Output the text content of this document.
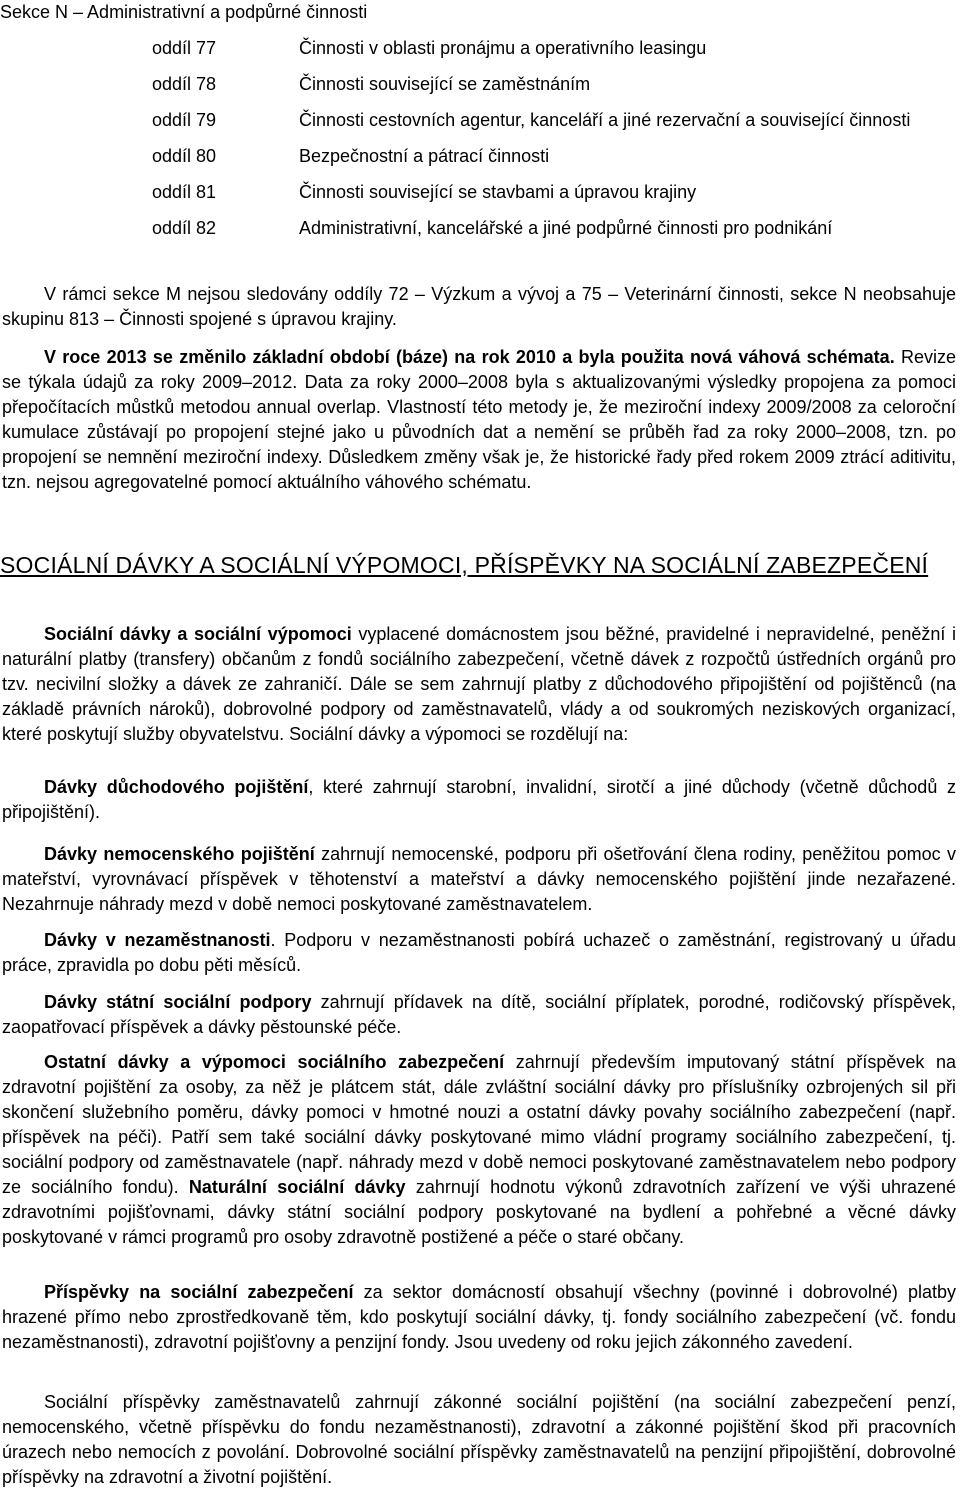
Sekce N – Administrativní a podpůrné činnosti
oddíl 77	Činnosti v oblasti pronájmu a operativního leasingu
oddíl 78	Činnosti související se zaměstnáním
oddíl 79	Činnosti cestovních agentur, kanceláří a jiné rezervační a související činnosti
oddíl 80	Bezpečnostní a pátrací činnosti
oddíl 81	Činnosti související se stavbami a úpravou krajiny
oddíl 82	Administrativní, kancelářské a jiné podpůrné činnosti pro podnikání

V rámci sekce M nejsou sledovány oddíly 72 – Výzkum a vývoj a 75 – Veterinární činnosti, sekce N neobsahuje skupinu 813 – Činnosti spojené s úpravou krajiny.

V roce 2013 se změnilo základní období (báze) na rok 2010 a byla použita nová váhová schémata. Revize se týkala údajů za roky 2009–2012. Data za roky 2000–2008 byla s aktualizovanými výsledky propojena za pomoci přepočítacích můstků metodou annual overlap. Vlastností této metody je, že meziroční indexy 2009/2008 za celoroční kumulace zůstávají po propojení stejné jako u původních dat a nemění se průběh řad za roky 2000–2008, tzn. po propojení se nemnění meziroční indexy. Důsledkem změny však je, že historické řady před rokem 2009 ztrácí aditivitu, tzn. nejsou agregovatelné pomocí aktuálního váhového schématu.

SOCIÁLNÍ DÁVKY A SOCIÁLNÍ VÝPOMOCI, PŘÍSPĚVKY NA SOCIÁLNÍ ZABEZPEČENÍ

Sociální dávky a sociální výpomoci vyplacené domácnostem jsou běžné, pravidelné i nepravidelné, peněžní i naturální platby (transfery) občanům z fondů sociálního zabezpečení, včetně dávek z rozpočtů ústředních orgánů pro tzv. necivilní složky a dávek ze zahraničí. Dále se sem zahrnují platby z důchodového připojištění od pojištěnců (na základě právních nároků), dobrovolné podpory od zaměstnavatelů, vlády a od soukromých neziskových organizací, které poskytují služby obyvatelstvu. Sociální dávky a výpomoci se rozdělují na:

Dávky důchodového pojištění, které zahrnují starobní, invalidní, sirotčí a jiné důchody (včetně důchodů z připojištění).

Dávky nemocenského pojištění zahrnují nemocenské, podporu při ošetřování člena rodiny, peněžitou pomoc v mateřství, vyrovnávací příspěvek v těhotenství a mateřství a dávky nemocenského pojištění jinde nezařazené. Nezahrnuje náhrady mezd v době nemoci poskytované zaměstnavatelem.

Dávky v nezaměstnanosti. Podporu v nezaměstnanosti pobírá uchazeč o zaměstnání, registrovaný u úřadu práce, zpravidla po dobu pěti měsíců.

Dávky státní sociální podpory zahrnují přídavek na dítě, sociální příplatek, porodné, rodičovský příspěvek, zaopatřovací příspěvek a dávky pěstounské péče.

Ostatní dávky a výpomoci sociálního zabezpečení zahrnují především imputovaný státní příspěvek na zdravotní pojištění za osoby, za něž je plátcem stát, dále zvláštní sociální dávky pro příslušníky ozbrojených sil při skončení služebního poměru, dávky pomoci v hmotné nouzi a ostatní dávky povahy sociálního zabezpečení (např. příspěvek na péči). Patří sem také sociální dávky poskytované mimo vládní programy sociálního zabezpečení, tj. sociální podpory od zaměstnavatele (např. náhrady mezd v době nemoci poskytované zaměstnavatelem nebo podpory ze sociálního fondu). Naturální sociální dávky zahrnují hodnotu výkonů zdravotních zařízení ve výši uhrazené zdravotními pojišťovnami, dávky státní sociální podpory poskytované na bydlení a pohřebné a věcné dávky poskytované v rámci programů pro osoby zdravotně postižené a péče o staré občany.

Příspěvky na sociální zabezpečení za sektor domácností obsahují všechny (povinné i dobrovolné) platby hrazené přímo nebo zprostředkovaně těm, kdo poskytují sociální dávky, tj. fondy sociálního zabezpečení (vč. fondu nezaměstnanosti), zdravotní pojišťovny a penzijní fondy. Jsou uvedeny od roku jejich zákonného zavedení.

Sociální příspěvky zaměstnavatelů zahrnují zákonné sociální pojištění (na sociální zabezpečení penzí, nemocenského, včetně příspěvku do fondu nezaměstnanosti), zdravotní a zákonné pojištění škod při pracovních úrazech nebo nemocích z povolání. Dobrovolné sociální příspěvky zaměstnavatelů na penzijní připojištění, dobrovolné příspěvky na zdravotní a životní pojištění.
